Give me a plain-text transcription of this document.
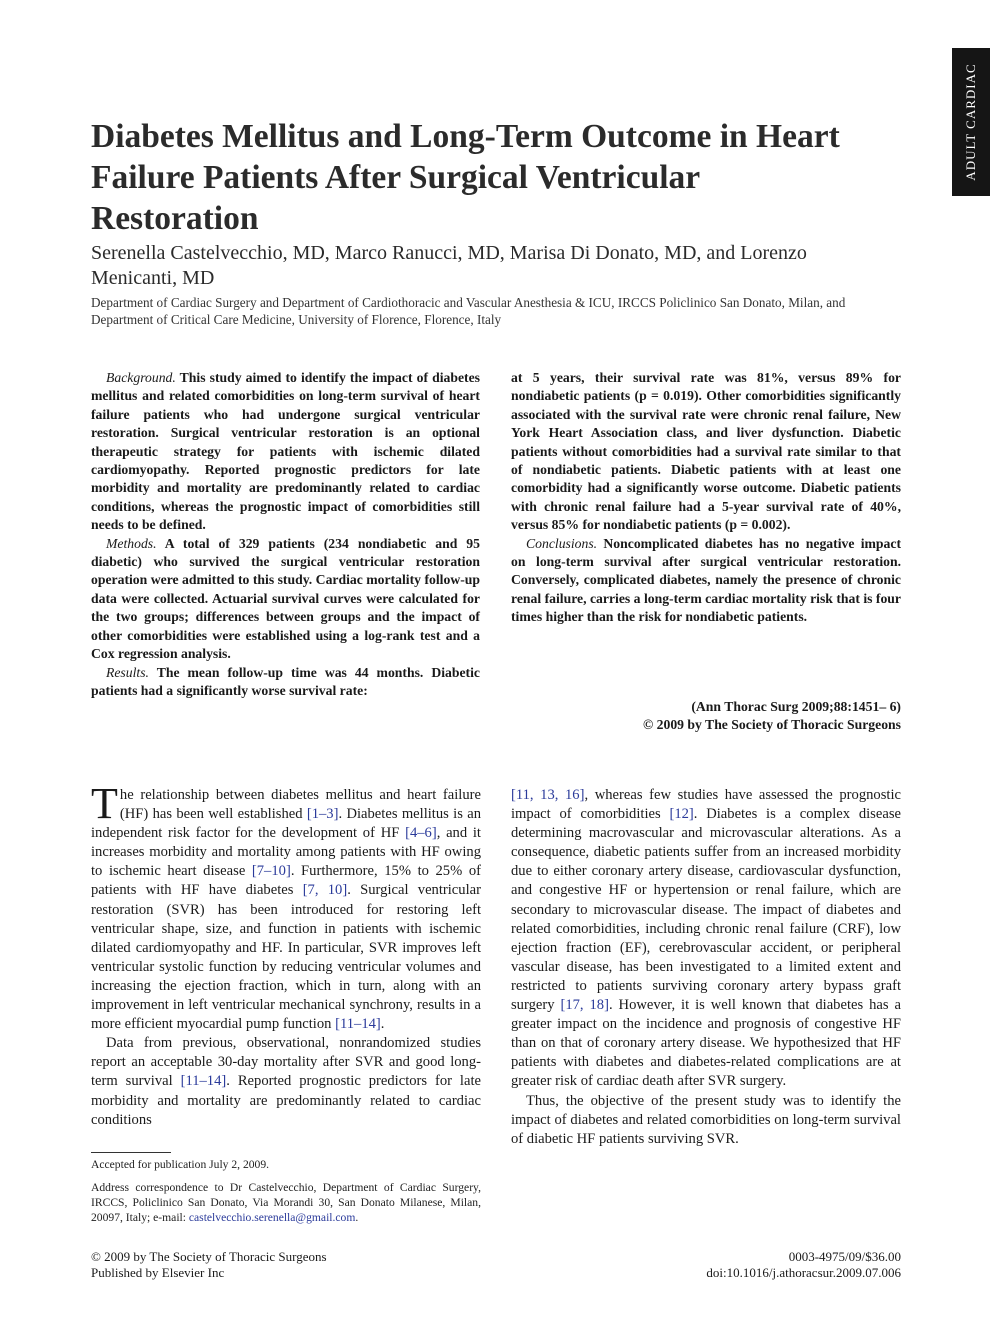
ADULT CARDIAC
Diabetes Mellitus and Long-Term Outcome in Heart Failure Patients After Surgical Ventricular Restoration
Serenella Castelvecchio, MD, Marco Ranucci, MD, Marisa Di Donato, MD, and Lorenzo Menicanti, MD
Department of Cardiac Surgery and Department of Cardiothoracic and Vascular Anesthesia & ICU, IRCCS Policlinico San Donato, Milan, and Department of Critical Care Medicine, University of Florence, Florence, Italy

Background. This study aimed to identify the impact of diabetes mellitus and related comorbidities on long-term survival of heart failure patients who had undergone surgical ventricular restoration. Surgical ventricular restoration is an optional therapeutic strategy for patients with ischemic dilated cardiomyopathy. Reported prognostic predictors for late morbidity and mortality are predominantly related to cardiac conditions, whereas the prognostic impact of comorbidities still needs to be defined.

Methods. A total of 329 patients (234 nondiabetic and 95 diabetic) who survived the surgical ventricular restoration operation were admitted to this study. Cardiac mortality follow-up data were collected. Actuarial survival curves were calculated for the two groups; differences between groups and the impact of other comorbidities were established using a log-rank test and a Cox regression analysis.

Results. The mean follow-up time was 44 months. Diabetic patients had a significantly worse survival rate:

at 5 years, their survival rate was 81%, versus 89% for nondiabetic patients (p = 0.019). Other comorbidities significantly associated with the survival rate were chronic renal failure, New York Heart Association class, and liver dysfunction. Diabetic patients without comorbidities had a survival rate similar to that of nondiabetic patients. Diabetic patients with at least one comorbidity had a significantly worse outcome. Diabetic patients with chronic renal failure had a 5-year survival rate of 40%, versus 85% for nondiabetic patients (p = 0.002).

Conclusions. Noncomplicated diabetes has no negative impact on long-term survival after surgical ventricular restoration. Conversely, complicated diabetes, namely the presence of chronic renal failure, carries a long-term cardiac mortality risk that is four times higher than the risk for nondiabetic patients.

(Ann Thorac Surg 2009;88:1451– 6)
© 2009 by The Society of Thoracic Surgeons

The relationship between diabetes mellitus and heart failure (HF) has been well established [1–3]. Diabetes mellitus is an independent risk factor for the development of HF [4–6], and it increases morbidity and mortality among patients with HF owing to ischemic heart disease [7–10]. Furthermore, 15% to 25% of patients with HF have diabetes [7, 10]. Surgical ventricular restoration (SVR) has been introduced for restoring left ventricular shape, size, and function in patients with ischemic dilated cardiomyopathy and HF. In particular, SVR improves left ventricular systolic function by reducing ventricular volumes and increasing the ejection fraction, which in turn, along with an improvement in left ventricular mechanical synchrony, results in a more efficient myocardial pump function [11–14].

Data from previous, observational, nonrandomized studies report an acceptable 30-day mortality after SVR and good long-term survival [11–14]. Reported prognostic predictors for late morbidity and mortality are predominantly related to cardiac conditions

[11, 13, 16], whereas few studies have assessed the prognostic impact of comorbidities [12]. Diabetes is a complex disease determining macrovascular and microvascular alterations. As a consequence, diabetic patients suffer from an increased morbidity due to either coronary artery disease, cardiovascular dysfunction, and congestive HF or hypertension or renal failure, which are secondary to microvascular disease. The impact of diabetes and related comorbidities, including chronic renal failure (CRF), low ejection fraction (EF), cerebrovascular accident, or peripheral vascular disease, has been investigated to a limited extent and restricted to patients surviving coronary artery bypass graft surgery [17, 18]. However, it is well known that diabetes has a greater impact on the incidence and prognosis of congestive HF than on that of coronary artery disease. We hypothesized that HF patients with diabetes and diabetes-related complications are at greater risk of cardiac death after SVR surgery.

Thus, the objective of the present study was to identify the impact of diabetes and related comorbidities on long-term survival of diabetic HF patients surviving SVR.

Accepted for publication July 2, 2009.
Address correspondence to Dr Castelvecchio, Department of Cardiac Surgery, IRCCS, Policlinico San Donato, Via Morandi 30, San Donato Milanese, Milan, 20097, Italy; e-mail: castelvecchio.serenella@gmail.com.
© 2009 by The Society of Thoracic Surgeons
Published by Elsevier Inc
0003-4975/09/$36.00
doi:10.1016/j.athoracsur.2009.07.006
